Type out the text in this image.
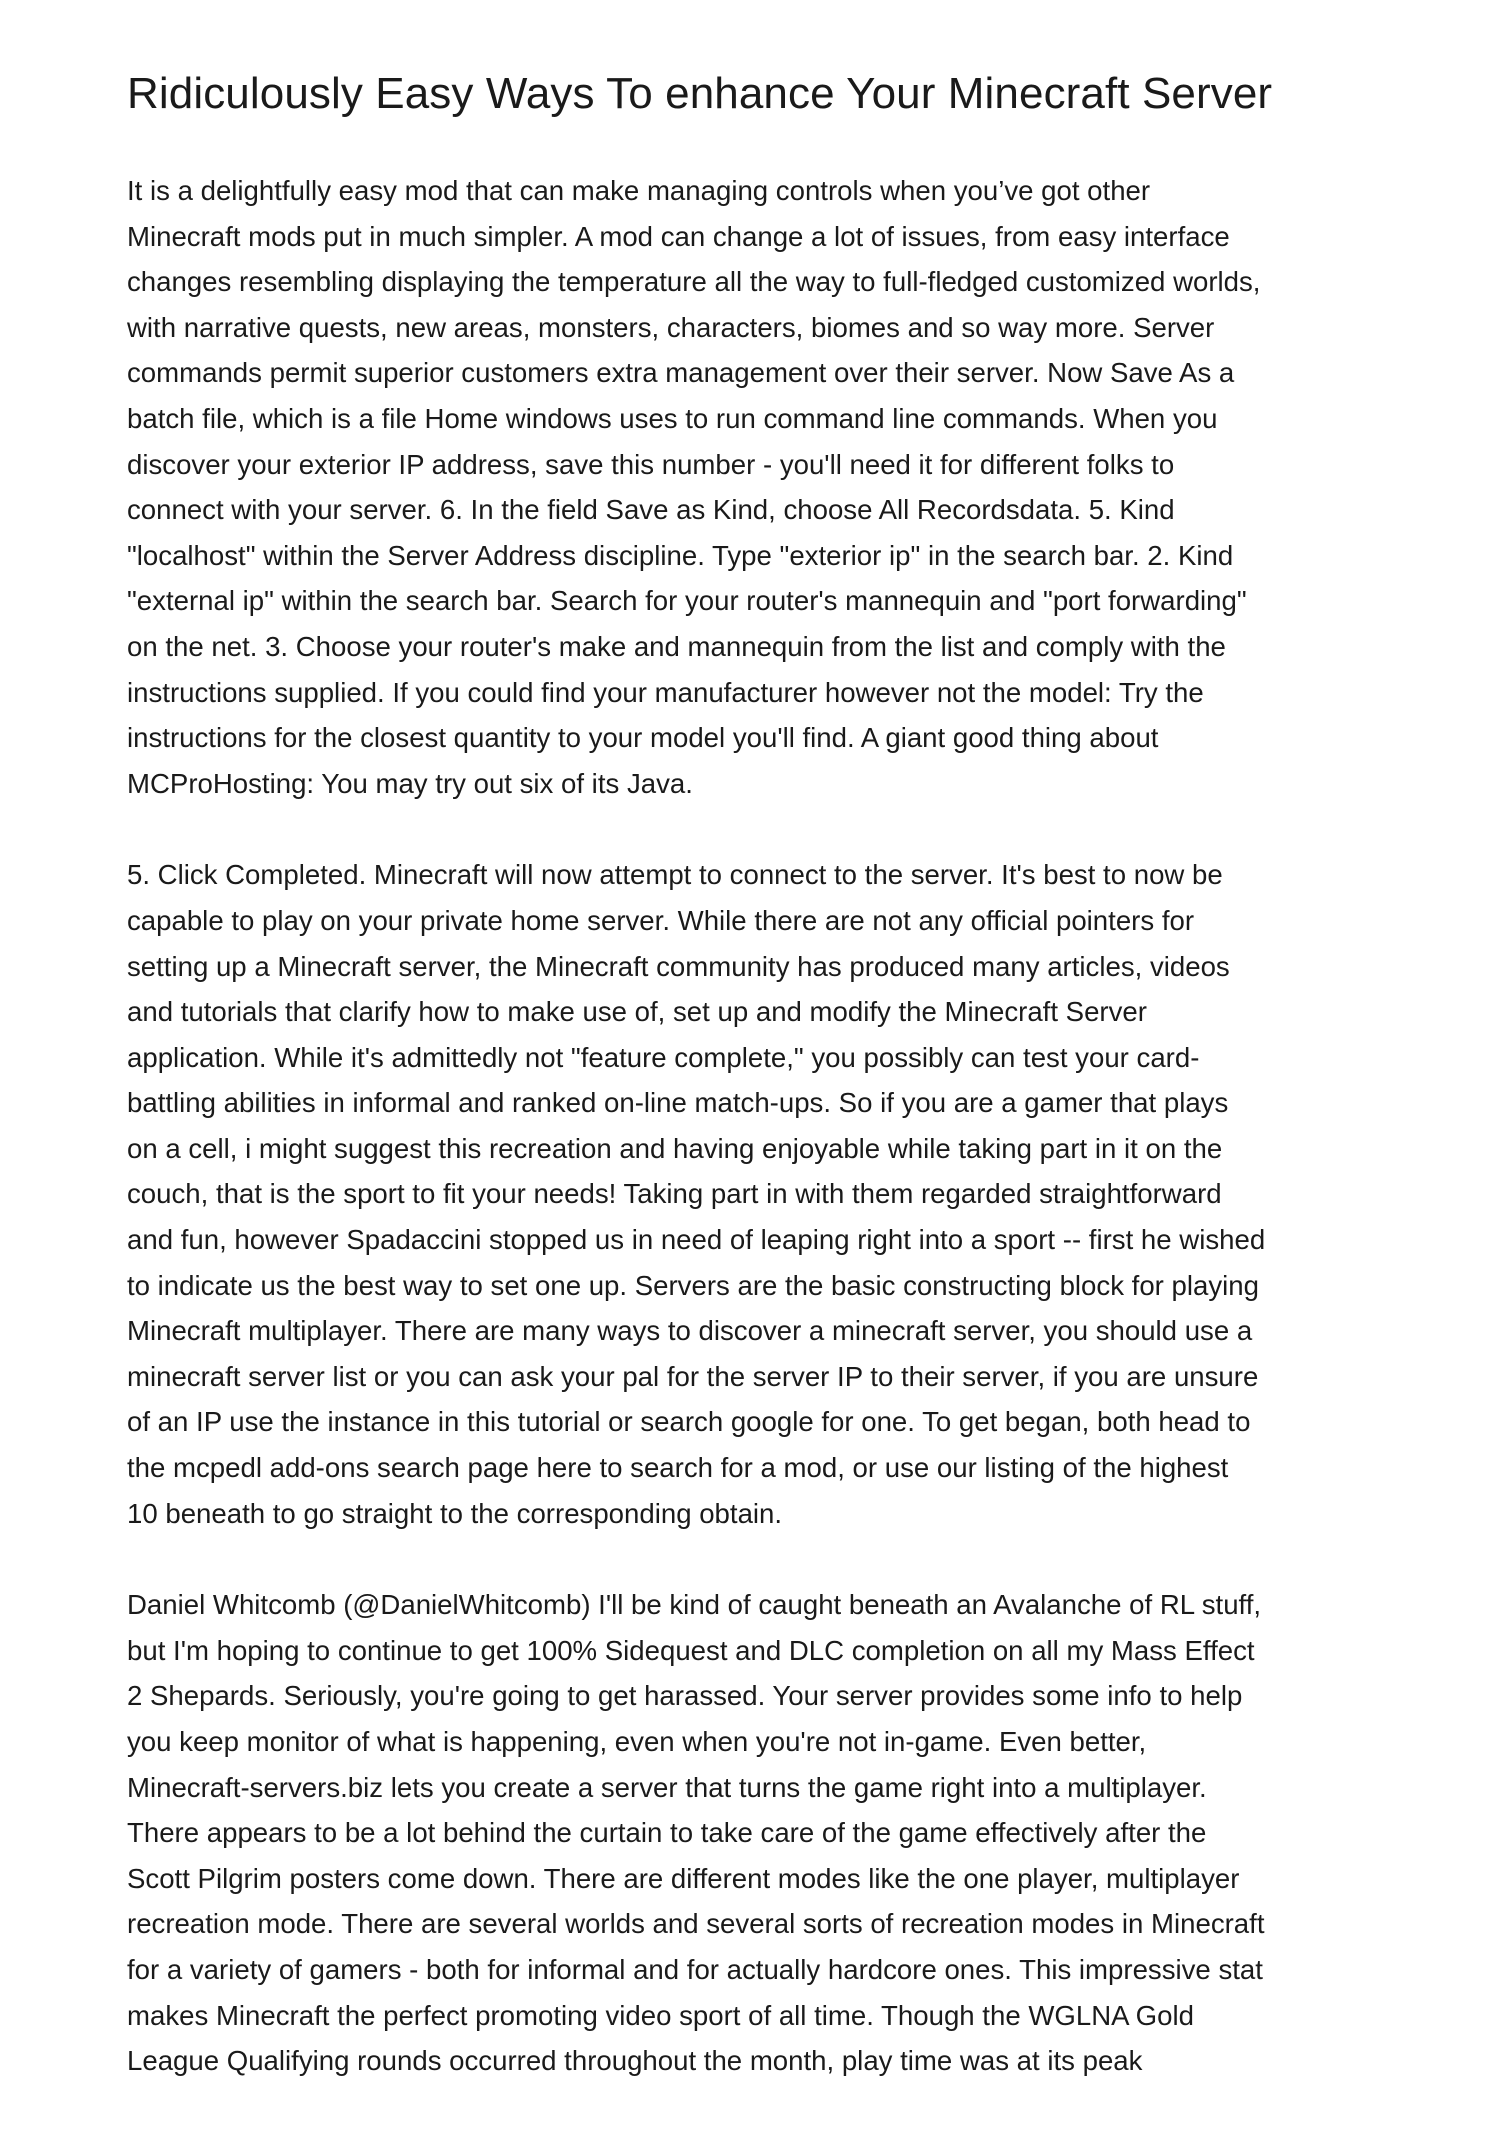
Ridiculously Easy Ways To enhance Your Minecraft Server

It is a delightfully easy mod that can make managing controls when you’ve got other
Minecraft mods put in much simpler. A mod can change a lot of issues, from easy interface
changes resembling displaying the temperature all the way to full-fledged customized worlds,
with narrative quests, new areas, monsters, characters, biomes and so way more. Server
commands permit superior customers extra management over their server. Now Save As a
batch file, which is a file Home windows uses to run command line commands. When you
discover your exterior IP address, save this number - you'll need it for different folks to
connect with your server. 6. In the field Save as Kind, choose All Recordsdata. 5. Kind
"localhost" within the Server Address discipline. Type "exterior ip" in the search bar. 2. Kind
"external ip" within the search bar. Search for your router's mannequin and "port forwarding"
on the net. 3. Choose your router's make and mannequin from the list and comply with the
instructions supplied. If you could find your manufacturer however not the model: Try the
instructions for the closest quantity to your model you'll find. A giant good thing about
MCProHosting: You may try out six of its Java.

5. Click Completed. Minecraft will now attempt to connect to the server. It's best to now be
capable to play on your private home server. While there are not any official pointers for
setting up a Minecraft server, the Minecraft community has produced many articles, videos
and tutorials that clarify how to make use of, set up and modify the Minecraft Server
application. While it's admittedly not "feature complete," you possibly can test your card-
battling abilities in informal and ranked on-line match-ups. So if you are a gamer that plays
on a cell, i might suggest this recreation and having enjoyable while taking part in it on the
couch, that is the sport to fit your needs! Taking part in with them regarded straightforward
and fun, however Spadaccini stopped us in need of leaping right into a sport -- first he wished
to indicate us the best way to set one up. Servers are the basic constructing block for playing
Minecraft multiplayer. There are many ways to discover a minecraft server, you should use a
minecraft server list or you can ask your pal for the server IP to their server, if you are unsure
of an IP use the instance in this tutorial or search google for one. To get began, both head to
the mcpedl add-ons search page here to search for a mod, or use our listing of the highest
10 beneath to go straight to the corresponding obtain.

Daniel Whitcomb (@DanielWhitcomb) I'll be kind of caught beneath an Avalanche of RL stuff,
but I'm hoping to continue to get 100% Sidequest and DLC completion on all my Mass Effect
2 Shepards. Seriously, you're going to get harassed. Your server provides some info to help
you keep monitor of what is happening, even when you're not in-game. Even better,
Minecraft-servers.biz lets you create a server that turns the game right into a multiplayer.
There appears to be a lot behind the curtain to take care of the game effectively after the
Scott Pilgrim posters come down. There are different modes like the one player, multiplayer
recreation mode. There are several worlds and several sorts of recreation modes in Minecraft
for a variety of gamers - both for informal and for actually hardcore ones. This impressive stat
makes Minecraft the perfect promoting video sport of all time. Though the WGLNA Gold
League Qualifying rounds occurred throughout the month, play time was at its peak
